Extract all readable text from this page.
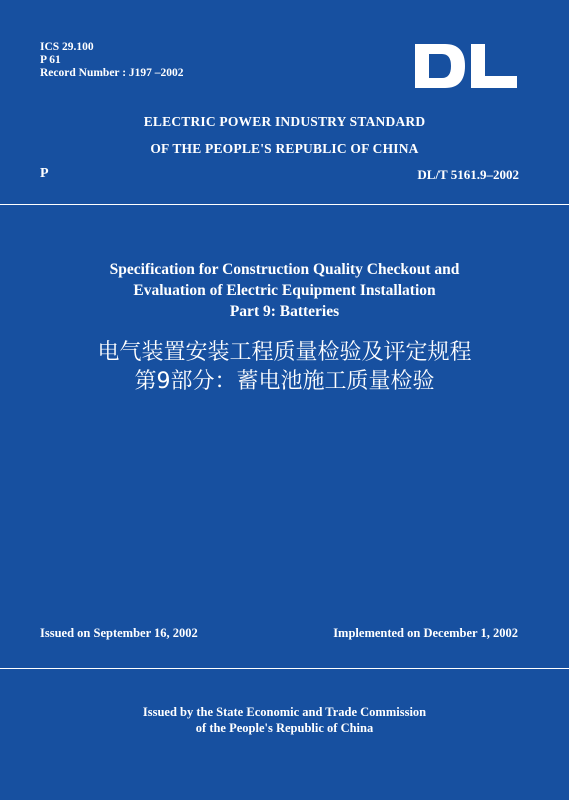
ICS 29.100
P 61
Record Number : J197 –2002
ELECTRIC POWER INDUSTRY STANDARD
OF THE PEOPLE'S REPUBLIC OF CHINA
P	DL/T 5161.9–2002
Specification for Construction Quality Checkout and
Evaluation of Electric Equipment Installation
Part 9: Batteries
电气装置安装工程质量检验及评定规程
第9部分：蓄电池施工质量检验
Issued on September 16, 2002	Implemented on December 1, 2002
Issued by the State Economic and Trade Commission
of the People's Republic of China
